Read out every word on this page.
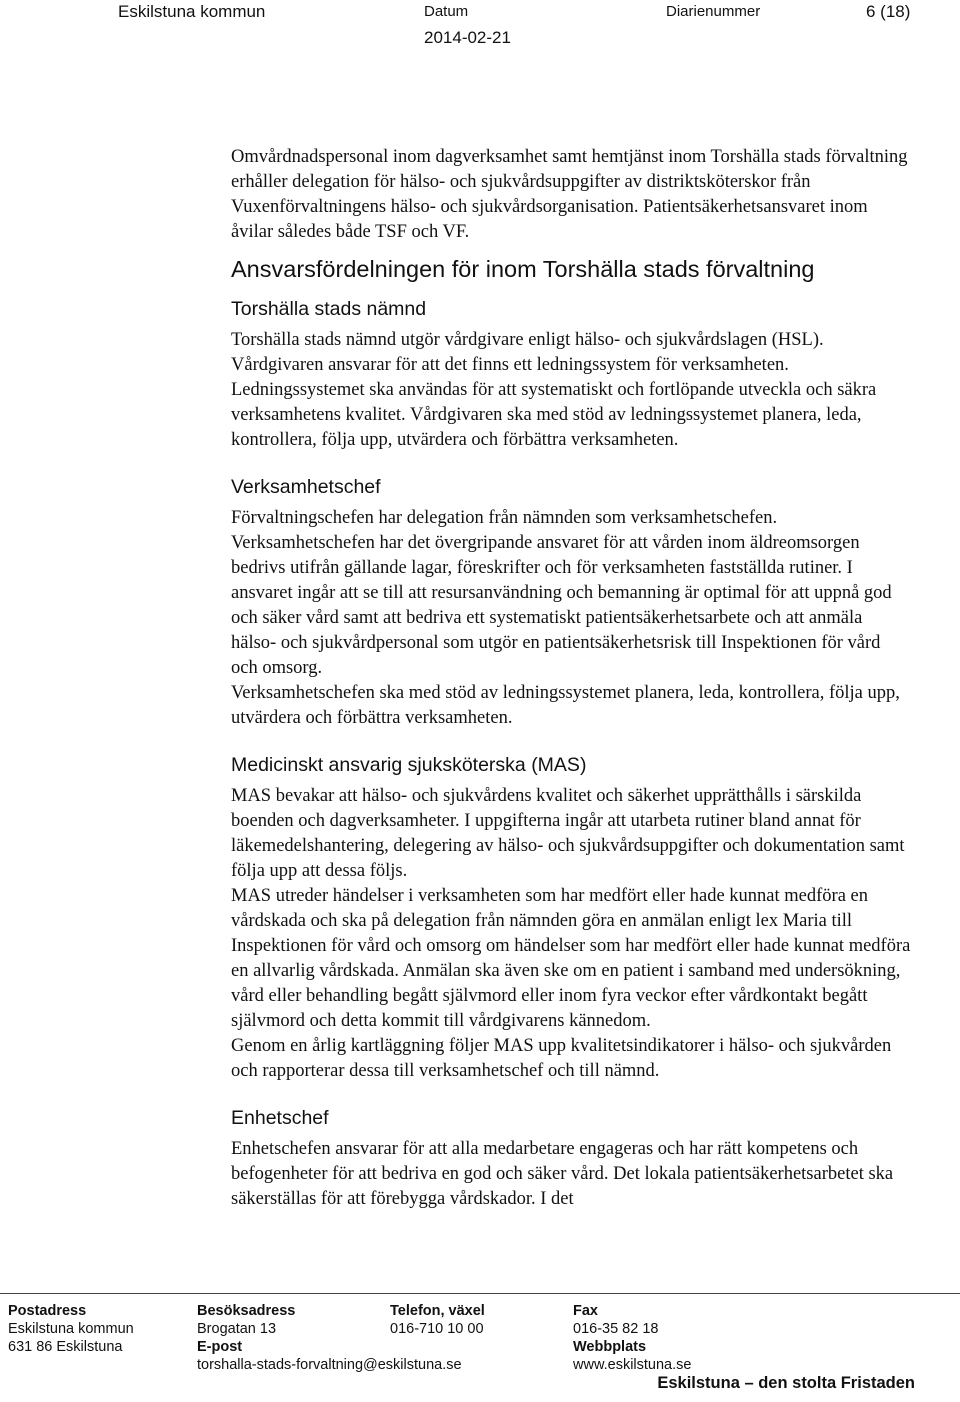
Eskilstuna kommun	Datum
2014-02-21
Diarienummer	6 (18)

Omvårdnadspersonal inom dagverksamhet samt hemtjänst inom Torshälla stads förvaltning erhåller delegation för hälso- och sjukvårdsuppgifter av distriktsköterskor från Vuxenförvaltningens hälso- och sjukvårdsorganisation. Patientsäkerhetsansvaret inom åvilar således både TSF och VF.

Ansvarsfördelningen för inom Torshälla stads förvaltning
Torshälla stads nämnd

Torshälla stads nämnd utgör vårdgivare enligt hälso- och sjukvårdslagen (HSL). Vårdgivaren ansvarar för att det finns ett ledningssystem för verksamheten. Ledningssystemet ska användas för att systematiskt och fortlöpande utveckla och säkra verksamhetens kvalitet. Vårdgivaren ska med stöd av ledningssystemet planera, leda, kontrollera, följa upp, utvärdera och förbättra verksamheten.

Verksamhetschef

Förvaltningschefen har delegation från nämnden som verksamhetschefen.

Verksamhetschefen har det övergripande ansvaret för att vården inom äldreomsorgen bedrivs utifrån gällande lagar, föreskrifter och för verksamheten fastställda rutiner. I ansvaret ingår att se till att resursanvändning och bemanning är optimal för att uppnå god och säker vård samt att bedriva ett systematiskt patientsäkerhetsarbete och att anmäla hälso- och sjukvårdpersonal som utgör en patientsäkerhetsrisk till Inspektionen för vård och omsorg.

Verksamhetschefen ska med stöd av ledningssystemet planera, leda, kontrollera, följa upp, utvärdera och förbättra verksamheten.

Medicinskt ansvarig sjuksköterska (MAS)

MAS bevakar att hälso- och sjukvårdens kvalitet och säkerhet upprätthålls i särskilda boenden och dagverksamheter. I uppgifterna ingår att utarbeta rutiner bland annat för läkemedelshantering, delegering av hälso- och sjukvårdsuppgifter och dokumentation samt följa upp att dessa följs.

MAS utreder händelser i verksamheten som har medfört eller hade kunnat medföra en vårdskada och ska på delegation från nämnden göra en anmälan enligt lex Maria till Inspektionen för vård och omsorg om händelser som har medfört eller hade kunnat medföra en allvarlig vårdskada. Anmälan ska även ske om en patient i samband med undersökning, vård eller behandling begått självmord eller inom fyra veckor efter vårdkontakt begått självmord och detta kommit till vårdgivarens kännedom.

Genom en årlig kartläggning följer MAS upp kvalitetsindikatorer i hälso- och sjukvården och rapporterar dessa till verksamhetschef och till nämnd.

Enhetschef

Enhetschefen ansvarar för att alla medarbetare engageras och har rätt kompetens och befogenheter för att bedriva en god och säker vård. Det lokala patientsäkerhetsarbetet ska säkerställas för att förebygga vårdskador. I det

Postadress
Eskilstuna kommun
631 86 Eskilstuna
Besöksadress
Brogatan 13
E-post
torshalla-stads-forvaltning@eskilstuna.se
Telefon, växel
016-710 10 00
Fax
016-35 82 18
Webbplats
www.eskilstuna.se
Eskilstuna – den stolta Fristaden
